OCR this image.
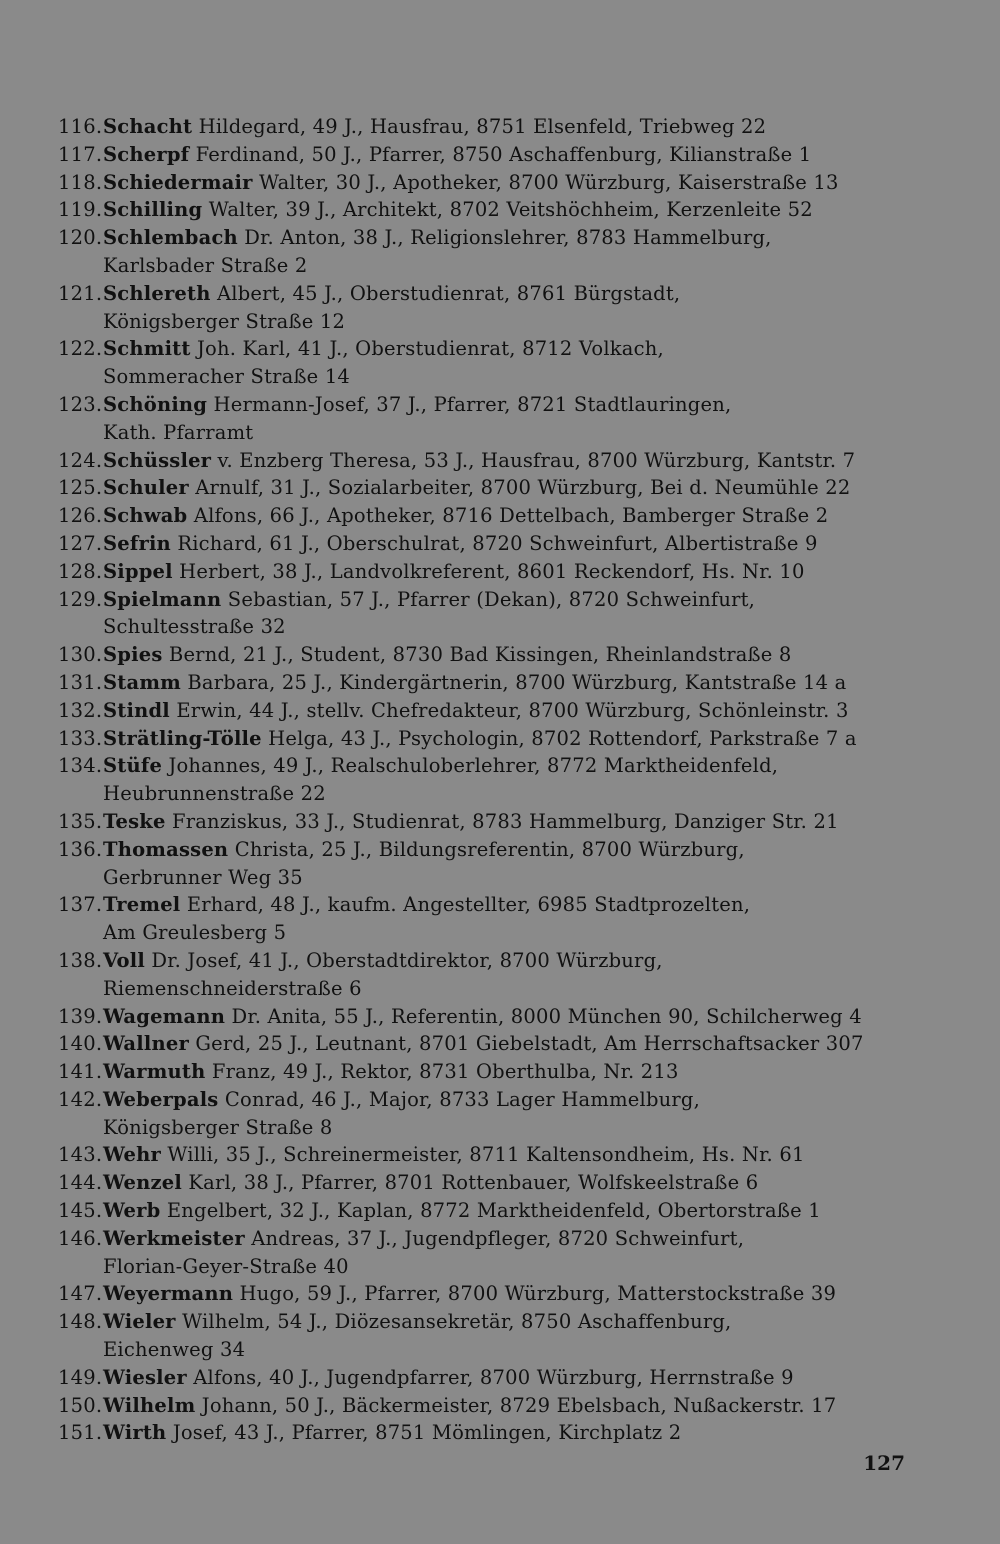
116. Schacht Hildegard, 49 J., Hausfrau, 8751 Elsenfeld, Triebweg 22
117. Scherpf Ferdinand, 50 J., Pfarrer, 8750 Aschaffenburg, Kilianstraße 1
118. Schiedermair Walter, 30 J., Apotheker, 8700 Würzburg, Kaiserstraße 13
119. Schilling Walter, 39 J., Architekt, 8702 Veitshöchheim, Kerzenleite 52
120. Schlembach Dr. Anton, 38 J., Religionslehrer, 8783 Hammelburg,
Karlsbader Straße 2
121. Schlereth Albert, 45 J., Oberstudienrat, 8761 Bürgstadt,
Königsberger Straße 12
122. Schmitt Joh. Karl, 41 J., Oberstudienrat, 8712 Volkach,
Sommeracher Straße 14
123. Schöning Hermann-Josef, 37 J., Pfarrer, 8721 Stadtlauringen,
Kath. Pfarramt
124. Schüssler v. Enzberg Theresa, 53 J., Hausfrau, 8700 Würzburg, Kantstr. 7
125. Schuler Arnulf, 31 J., Sozialarbeiter, 8700 Würzburg, Bei d. Neumühle 22
126. Schwab Alfons, 66 J., Apotheker, 8716 Dettelbach, Bamberger Straße 2
127. Sefrin Richard, 61 J., Oberschulrat, 8720 Schweinfurt, Albertistraße 9
128. Sippel Herbert, 38 J., Landvolkreferent, 8601 Reckendorf, Hs. Nr. 10
129. Spielmann Sebastian, 57 J., Pfarrer (Dekan), 8720 Schweinfurt,
Schultesstraße 32
130. Spies Bernd, 21 J., Student, 8730 Bad Kissingen, Rheinlandstraße 8
131. Stamm Barbara, 25 J., Kindergärtnerin, 8700 Würzburg, Kantstraße 14 a
132. Stindl Erwin, 44 J., stellv. Chefredakteur, 8700 Würzburg, Schönleinstr. 3
133. Strätling-Tölle Helga, 43 J., Psychologin, 8702 Rottendorf, Parkstraße 7 a
134. Stüfe Johannes, 49 J., Realschuloberlehrer, 8772 Marktheidenfeld,
Heubrunnenstraße 22
135. Teske Franziskus, 33 J., Studienrat, 8783 Hammelburg, Danziger Str. 21
136. Thomassen Christa, 25 J., Bildungsreferentin, 8700 Würzburg,
Gerbrunner Weg 35
137. Tremel Erhard, 48 J., kaufm. Angestellter, 6985 Stadtprozelten,
Am Greulesberg 5
138. Voll Dr. Josef, 41 J., Oberstadtdirektor, 8700 Würzburg,
Riemenschneiderstraße 6
139. Wagemann Dr. Anita, 55 J., Referentin, 8000 München 90, Schilcherweg 4
140. Wallner Gerd, 25 J., Leutnant, 8701 Giebelstadt, Am Herrschaftsacker 307
141. Warmuth Franz, 49 J., Rektor, 8731 Oberthulba, Nr. 213
142. Weberpals Conrad, 46 J., Major, 8733 Lager Hammelburg,
Königsberger Straße 8
143. Wehr Willi, 35 J., Schreinermeister, 8711 Kaltensondheim, Hs. Nr. 61
144. Wenzel Karl, 38 J., Pfarrer, 8701 Rottenbauer, Wolfskeelstraße 6
145. Werb Engelbert, 32 J., Kaplan, 8772 Marktheidenfeld, Obertorstraße 1
146. Werkmeister Andreas, 37 J., Jugendpfleger, 8720 Schweinfurt,
Florian-Geyer-Straße 40
147. Weyermann Hugo, 59 J., Pfarrer, 8700 Würzburg, Matterstockstraße 39
148. Wieler Wilhelm, 54 J., Diözesansekretär, 8750 Aschaffenburg,
Eichenweg 34
149. Wiesler Alfons, 40 J., Jugendpfarrer, 8700 Würzburg, Herrnstraße 9
150. Wilhelm Johann, 50 J., Bäckermeister, 8729 Ebelsbach, Nußackerstr. 17
151. Wirth Josef, 43 J., Pfarrer, 8751 Mömlingen, Kirchplatz 2
127
